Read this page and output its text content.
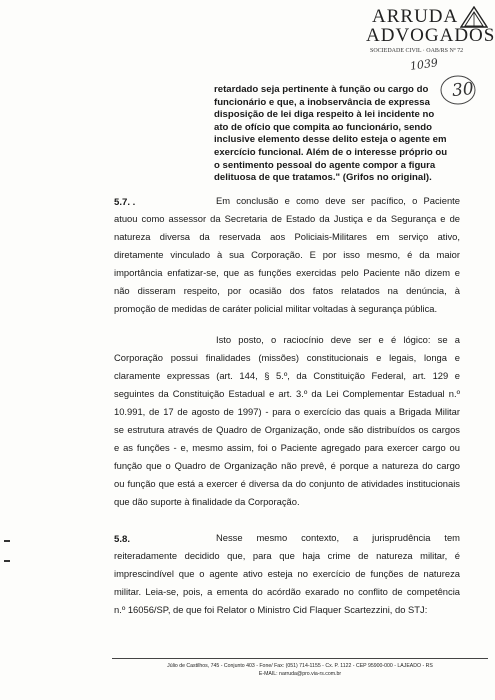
ARRUDA
ADVOGADOS
SOCIEDADE CIVIL · OAB/RS Nº 72
1039
30
retardado seja pertinente à função ou cargo do
funcionário e que, a inobservância de expressa
disposição de lei diga respeito à lei incidente no
ato de ofício que compita ao funcionário, sendo
inclusive elemento desse delito esteja o agente em
exercício funcional. Além de o interesse próprio ou
o sentimento pessoal do agente compor a figura
delituosa de que tratamos." (Grifos no original).
5.7. .	Em conclusão e como deve ser pacífico, o Paciente
atuou como assessor da Secretaria de Estado da Justiça e da Segurança e de
natureza diversa da reservada aos Policiais-Militares em serviço ativo,
diretamente vinculado à sua Corporação. E por isso mesmo, é da maior
importância enfatizar-se, que as funções exercidas pelo Paciente não dizem e
não disseram respeito, por ocasião dos fatos relatados na denúncia, à
promoção de medidas de caráter policial militar voltadas à segurança pública.
Isto posto, o raciocínio deve ser e é lógico: se a
Corporação possui finalidades (missões) constitucionais e legais, longa e
claramente expressas (art. 144, § 5.º, da Constituição Federal, art. 129 e
seguintes da Constituição Estadual e art. 3.º da Lei Complementar Estadual n.º
10.991, de 17 de agosto de 1997) - para o exercício das quais a Brigada Militar
se estrutura através de Quadro de Organização, onde são distribuídos os cargos
e as funções - e, mesmo assim, foi o Paciente agregado para exercer cargo ou
função que o Quadro de Organização não prevê, é porque a natureza do cargo
ou função que está a exercer é diversa da do conjunto de atividades institucionais
que dão suporte à finalidade da Corporação.
5.8.	Nesse mesmo contexto, a jurisprudência tem
reiteradamente decidido que, para que haja crime de natureza militar, é
imprescindível que o agente ativo esteja no exercício de funções de natureza
militar. Leia-se, pois, a ementa do acórdão exarado no conflito de competência
n.º 16056/SP, de que foi Relator o Ministro Cid Flaquer Scartezzini, do STJ:
Júlio de Castilhos, 745 - Conjunto 403 - Fone/ Fax: (051) 714-1155 - Cx. P. 1122 - CEP 95900-000 - LAJEADO - RS
E-MAIL: narruda@pro.via-rs.com.br
